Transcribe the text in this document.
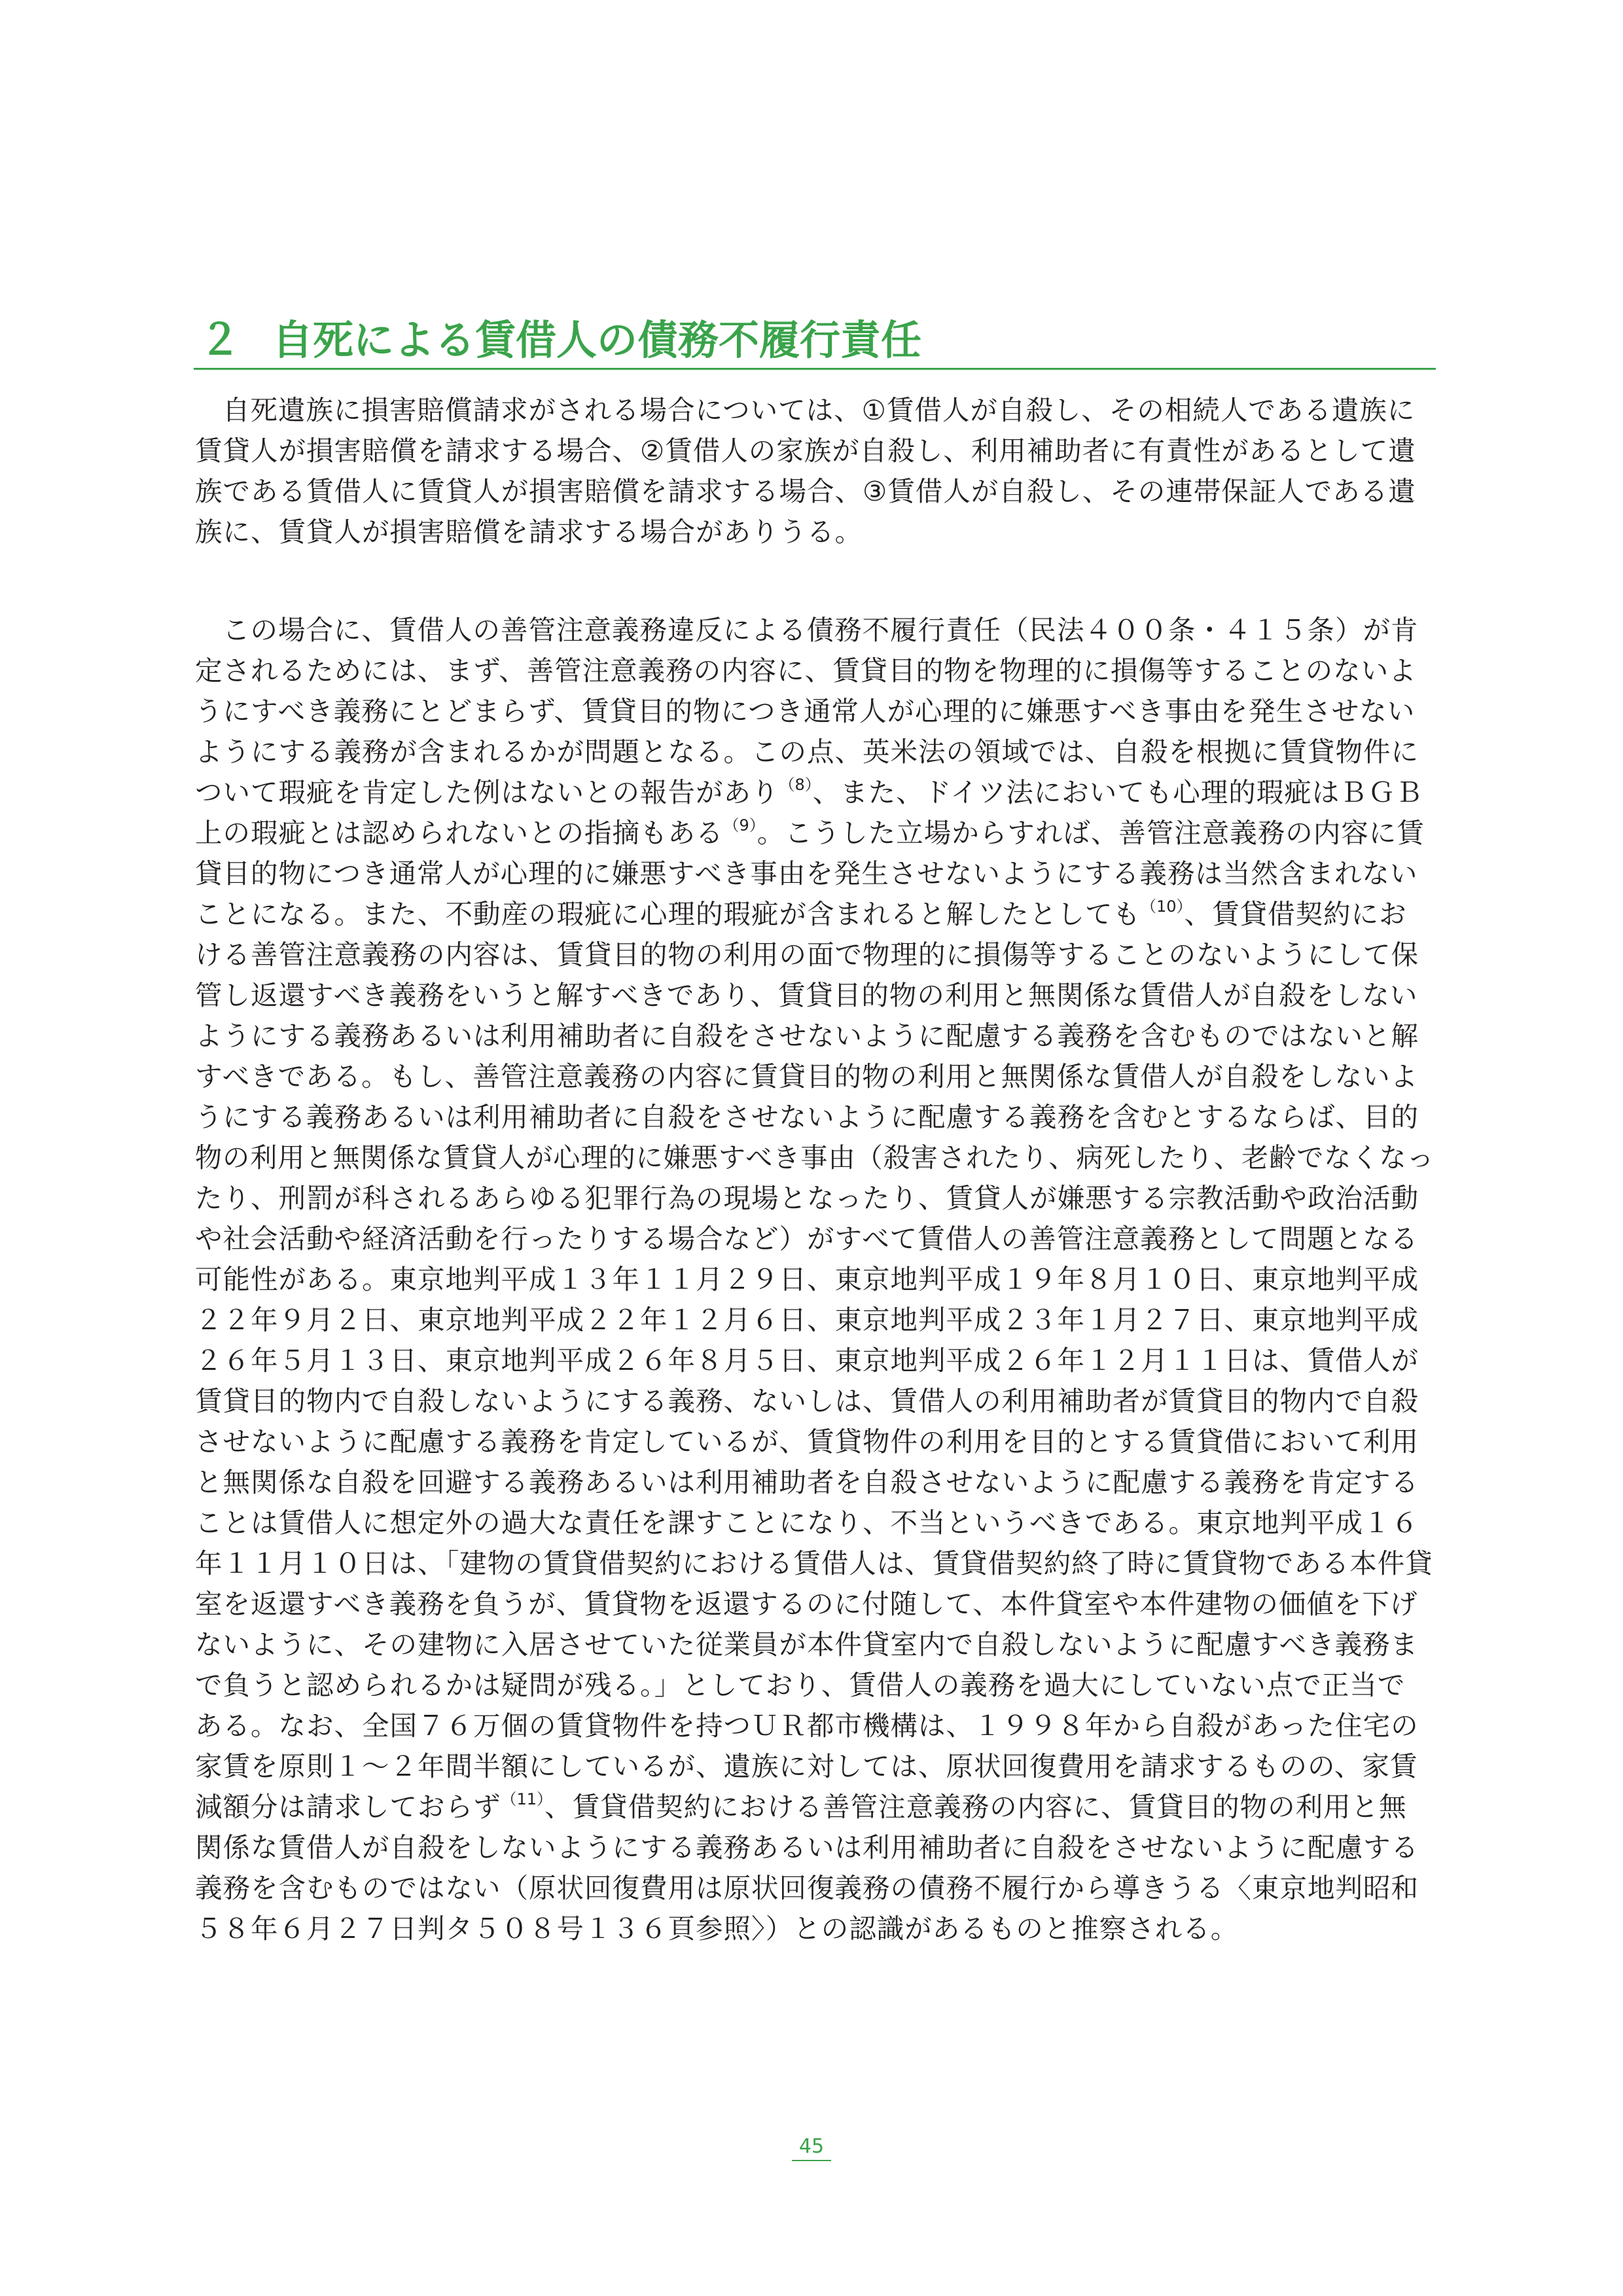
２ 自死による賃借人の債務不履行責任
自死遺族に損害賠償請求がされる場合については、①賃借人が自殺し、その相続人である遺族に
賃貸人が損害賠償を請求する場合、②賃借人の家族が自殺し、利用補助者に有責性があるとして遺
族である賃借人に賃貸人が損害賠償を請求する場合、③賃借人が自殺し、その連帯保証人である遺
族に、賃貸人が損害賠償を請求する場合がありうる。
この場合に、賃借人の善管注意義務違反による債務不履行責任（民法４００条・４１５条）が肯
定されるためには、まず、善管注意義務の内容に、賃貸目的物を物理的に損傷等することのないよ
うにすべき義務にとどまらず、賃貸目的物につき通常人が心理的に嫌悪すべき事由を発生させない
ようにする義務が含まれるかが問題となる。この点、英米法の領域では、自殺を根拠に賃貸物件に
ついて瑕疵を肯定した例はないとの報告があり$^{(8)}$、また、ドイツ法においても心理的瑕疵はＢＧＢ
上の瑕疵とは認められないとの指摘もある$^{(9)}$。こうした立場からすれば、善管注意義務の内容に賃
貸目的物につき通常人が心理的に嫌悪すべき事由を発生させないようにする義務は当然含まれない
ことになる。また、不動産の瑕疵に心理的瑕疵が含まれると解したとしても$^{(10)}$、賃貸借契約にお
ける善管注意義務の内容は、賃貸目的物の利用の面で物理的に損傷等することのないようにして保
管し返還すべき義務をいうと解すべきであり、賃貸目的物の利用と無関係な賃借人が自殺をしない
ようにする義務あるいは利用補助者に自殺をさせないように配慮する義務を含むものではないと解
すべきである。もし、善管注意義務の内容に賃貸目的物の利用と無関係な賃借人が自殺をしないよ
うにする義務あるいは利用補助者に自殺をさせないように配慮する義務を含むとするならば、目的
物の利用と無関係な賃貸人が心理的に嫌悪すべき事由（殺害されたり、病死したり、老齢でなくなっ
たり、刑罰が科されるあらゆる犯罪行為の現場となったり、賃貸人が嫌悪する宗教活動や政治活動
や社会活動や経済活動を行ったりする場合など）がすべて賃借人の善管注意義務として問題となる
可能性がある。東京地判平成１３年１１月２９日、東京地判平成１９年８月１０日、東京地判平成
２２年９月２日、東京地判平成２２年１２月６日、東京地判平成２３年１月２７日、東京地判平成
２６年５月１３日、東京地判平成２６年８月５日、東京地判平成２６年１２月１１日は、賃借人が
賃貸目的物内で自殺しないようにする義務、ないしは、賃借人の利用補助者が賃貸目的物内で自殺
させないように配慮する義務を肯定しているが、賃貸物件の利用を目的とする賃貸借において利用
と無関係な自殺を回避する義務あるいは利用補助者を自殺させないように配慮する義務を肯定する
ことは賃借人に想定外の過大な責任を課すことになり、不当というべきである。東京地判平成１６
年１１月１０日は、「建物の賃貸借契約における賃借人は、賃貸借契約終了時に賃貸物である本件貸
室を返還すべき義務を負うが、賃貸物を返還するのに付随して、本件貸室や本件建物の価値を下げ
ないように、その建物に入居させていた従業員が本件貸室内で自殺しないように配慮すべき義務ま
で負うと認められるかは疑問が残る。」としており、賃借人の義務を過大にしていない点で正当で
ある。なお、全国７６万個の賃貸物件を持つＵＲ都市機構は、１９９８年から自殺があった住宅の
家賃を原則１～２年間半額にしているが、遺族に対しては、原状回復費用を請求するものの、家賃
減額分は請求しておらず$^{(11)}$、賃貸借契約における善管注意義務の内容に、賃貸目的物の利用と無
関係な賃借人が自殺をしないようにする義務あるいは利用補助者に自殺をさせないように配慮する
義務を含むものではない（原状回復費用は原状回復義務の債務不履行から導きうる〈東京地判昭和
５８年６月２７日判タ５０８号１３６頁参照〉）との認識があるものと推察される。
45
